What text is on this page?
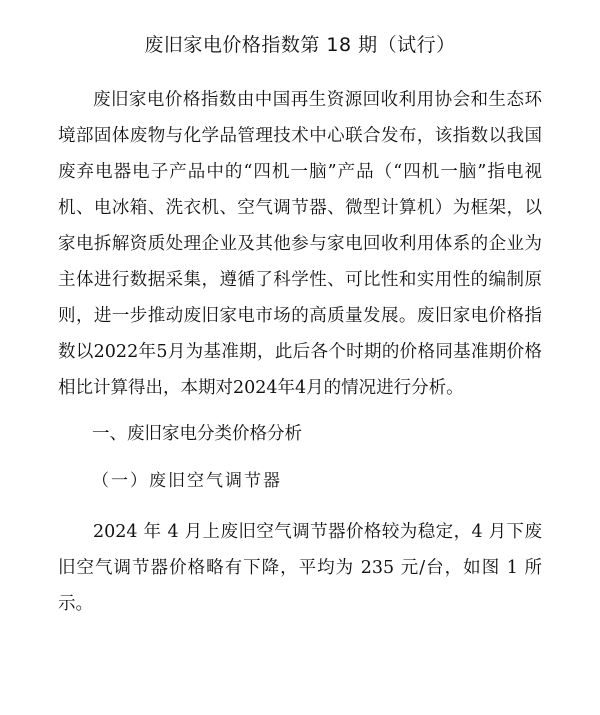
废旧家电价格指数第 18 期（试行）

废旧家电价格指数由中国再生资源回收利用协会和生态环境部固体废物与化学品管理技术中心联合发布，该指数以我国废弃电器电子产品中的“四机一脑”产品（“四机一脑”指电视机、电冰箱、洗衣机、空气调节器、微型计算机）为框架，以家电拆解资质处理企业及其他参与家电回收利用体系的企业为主体进行数据采集，遵循了科学性、可比性和实用性的编制原则，进一步推动废旧家电市场的高质量发展。废旧家电价格指数以2022年5月为基准期，此后各个时期的价格同基准期价格相比计算得出，本期对2024年4月的情况进行分析。

一、废旧家电分类价格分析
（一）废旧空气调节器

2024 年 4 月上废旧空气调节器价格较为稳定，4 月下废旧空气调节器价格略有下降，平均为 235 元/台，如图 1 所示。
